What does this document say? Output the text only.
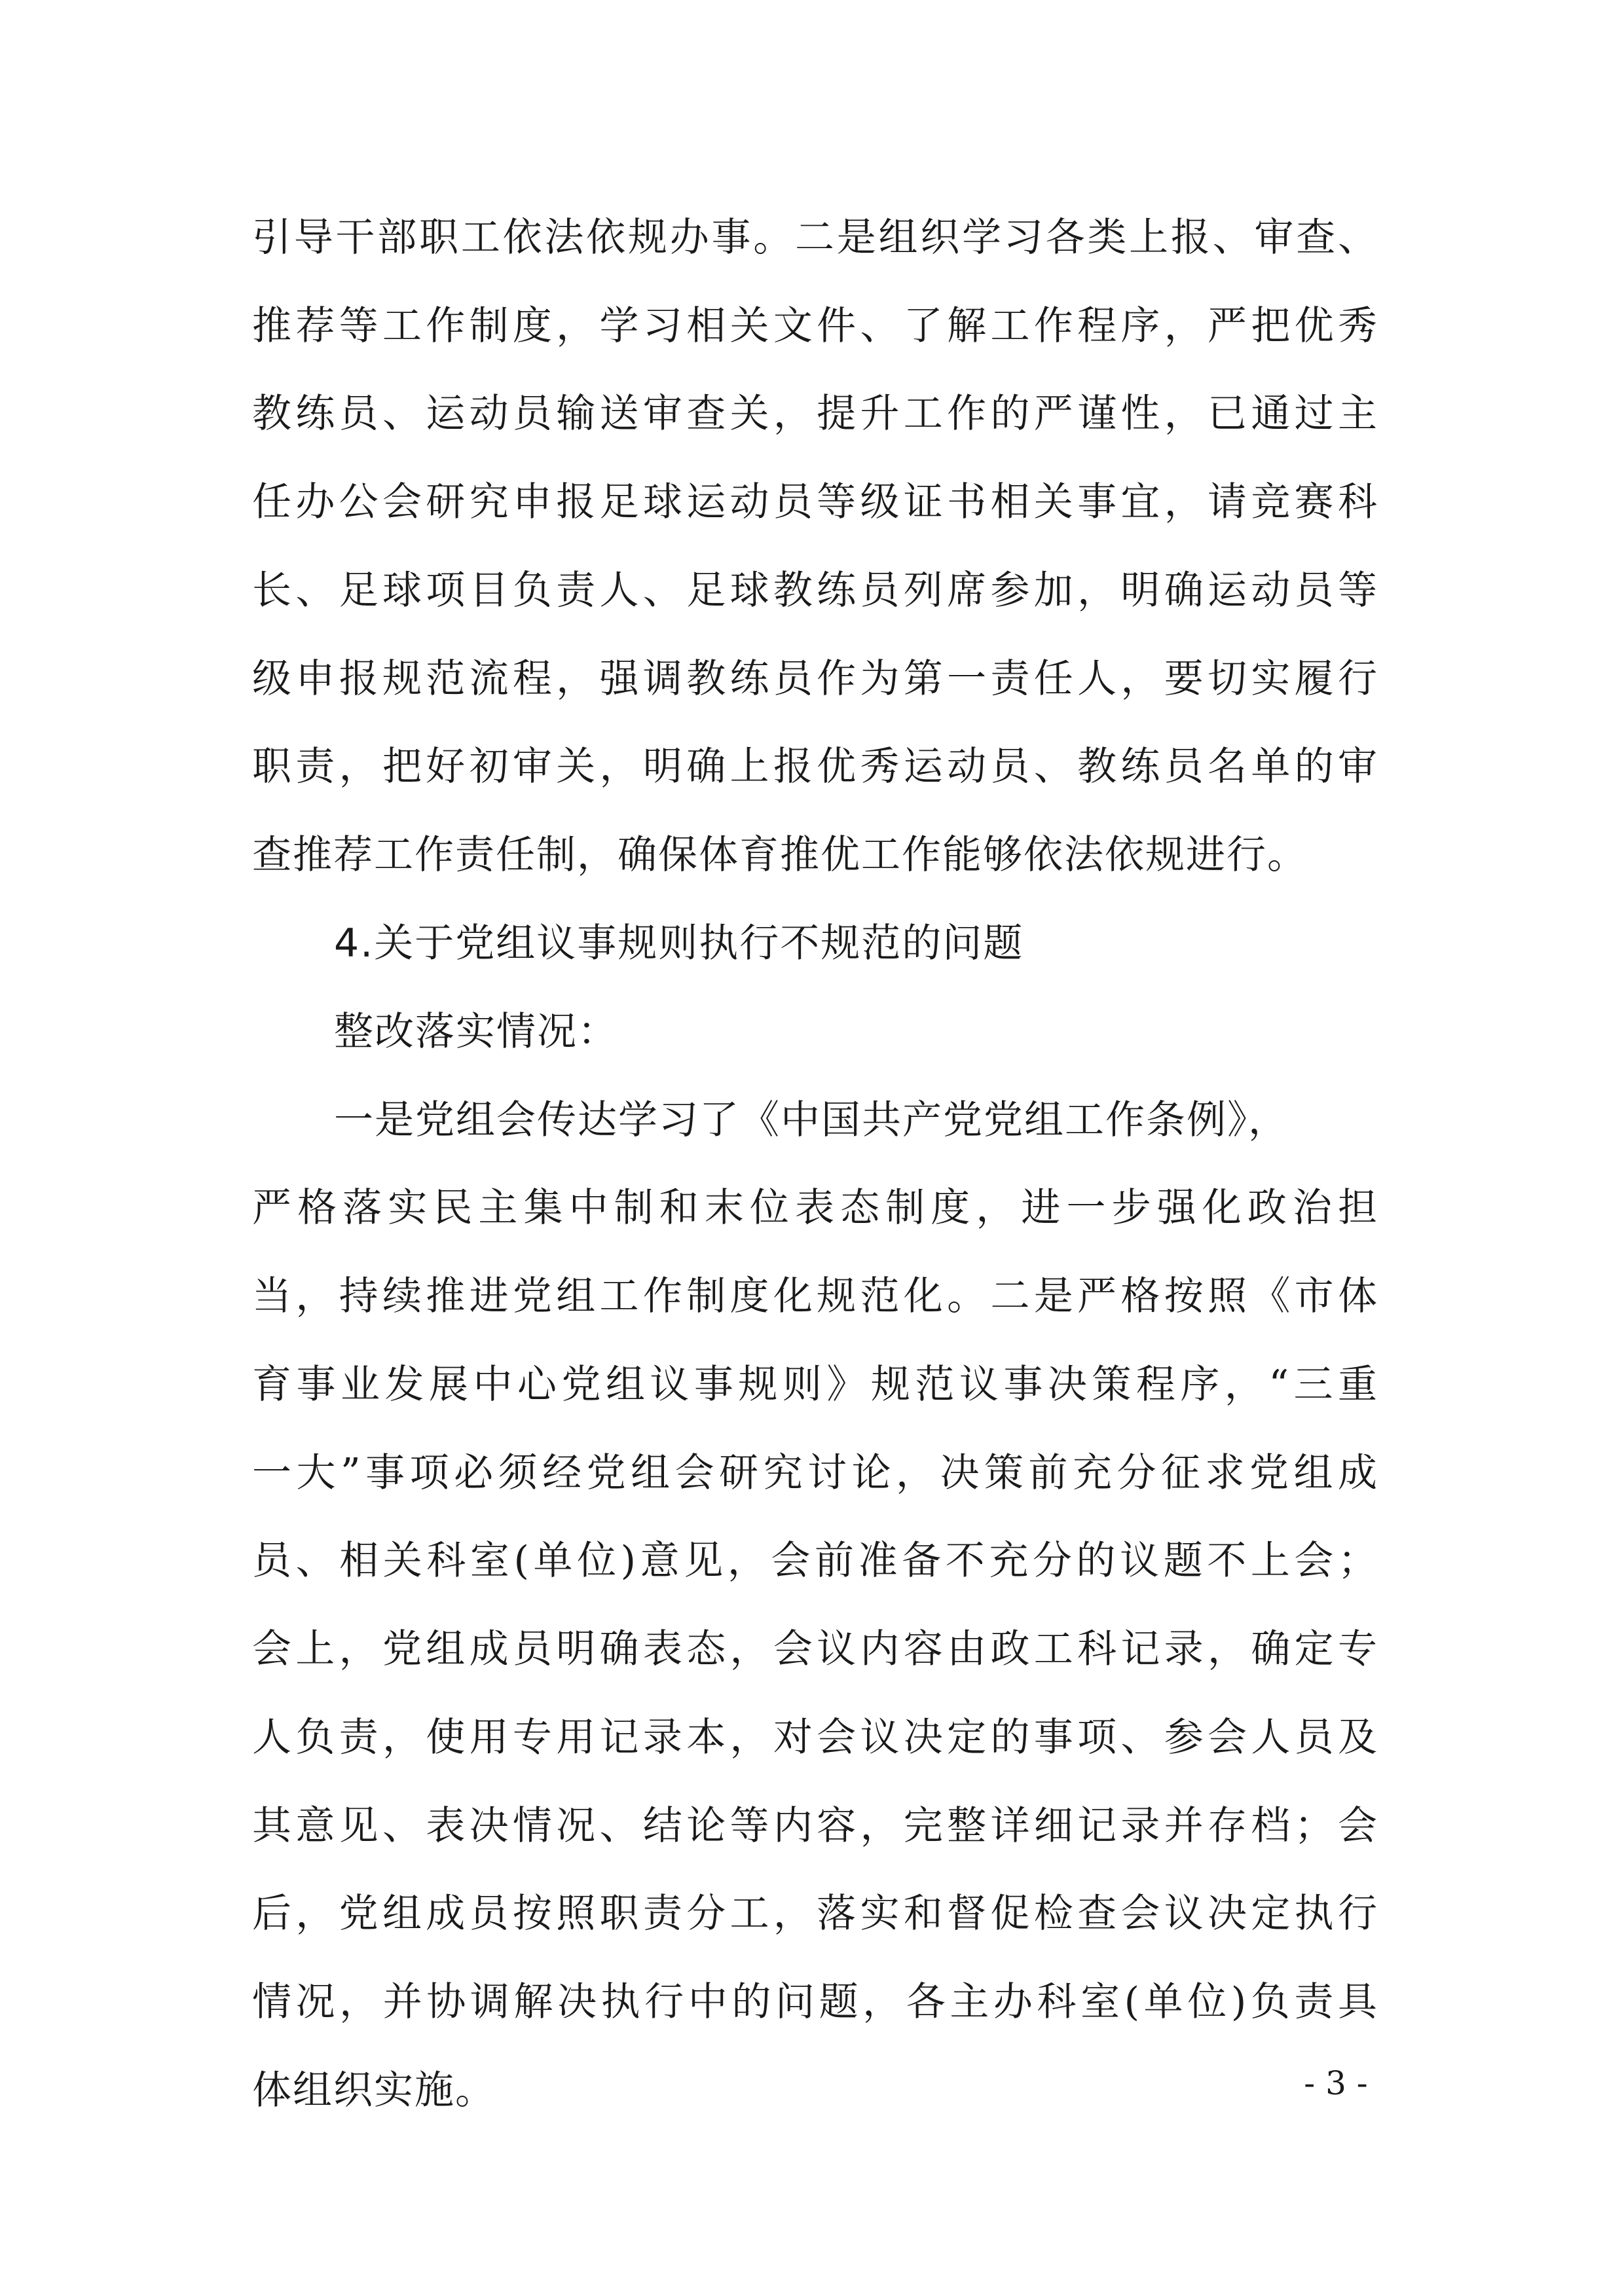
引导干部职工依法依规办事。二是组织学习各类上报、审查、
推荐等工作制度，学习相关文件、了解工作程序，严把优秀
教练员、运动员输送审查关，提升工作的严谨性，已通过主
任办公会研究申报足球运动员等级证书相关事宜，请竞赛科
长、足球项目负责人、足球教练员列席参加，明确运动员等
级申报规范流程，强调教练员作为第一责任人，要切实履行
职责，把好初审关，明确上报优秀运动员、教练员名单的审
查推荐工作责任制，确保体育推优工作能够依法依规进行。
4.关于党组议事规则执行不规范的问题
整改落实情况：
一是党组会传达学习了《中国共产党党组工作条例》，
严格落实民主集中制和末位表态制度，进一步强化政治担
当，持续推进党组工作制度化规范化。二是严格按照《市体
育事业发展中心党组议事规则》规范议事决策程序，“三重
一大”事项必须经党组会研究讨论，决策前充分征求党组成
员、相关科室(单位)意见，会前准备不充分的议题不上会；
会上，党组成员明确表态，会议内容由政工科记录，确定专
人负责，使用专用记录本，对会议决定的事项、参会人员及
其意见、表决情况、结论等内容，完整详细记录并存档；会
后，党组成员按照职责分工，落实和督促检查会议决定执行
情况，并协调解决执行中的问题，各主办科室(单位)负责具
体组织实施。	- 3 -
